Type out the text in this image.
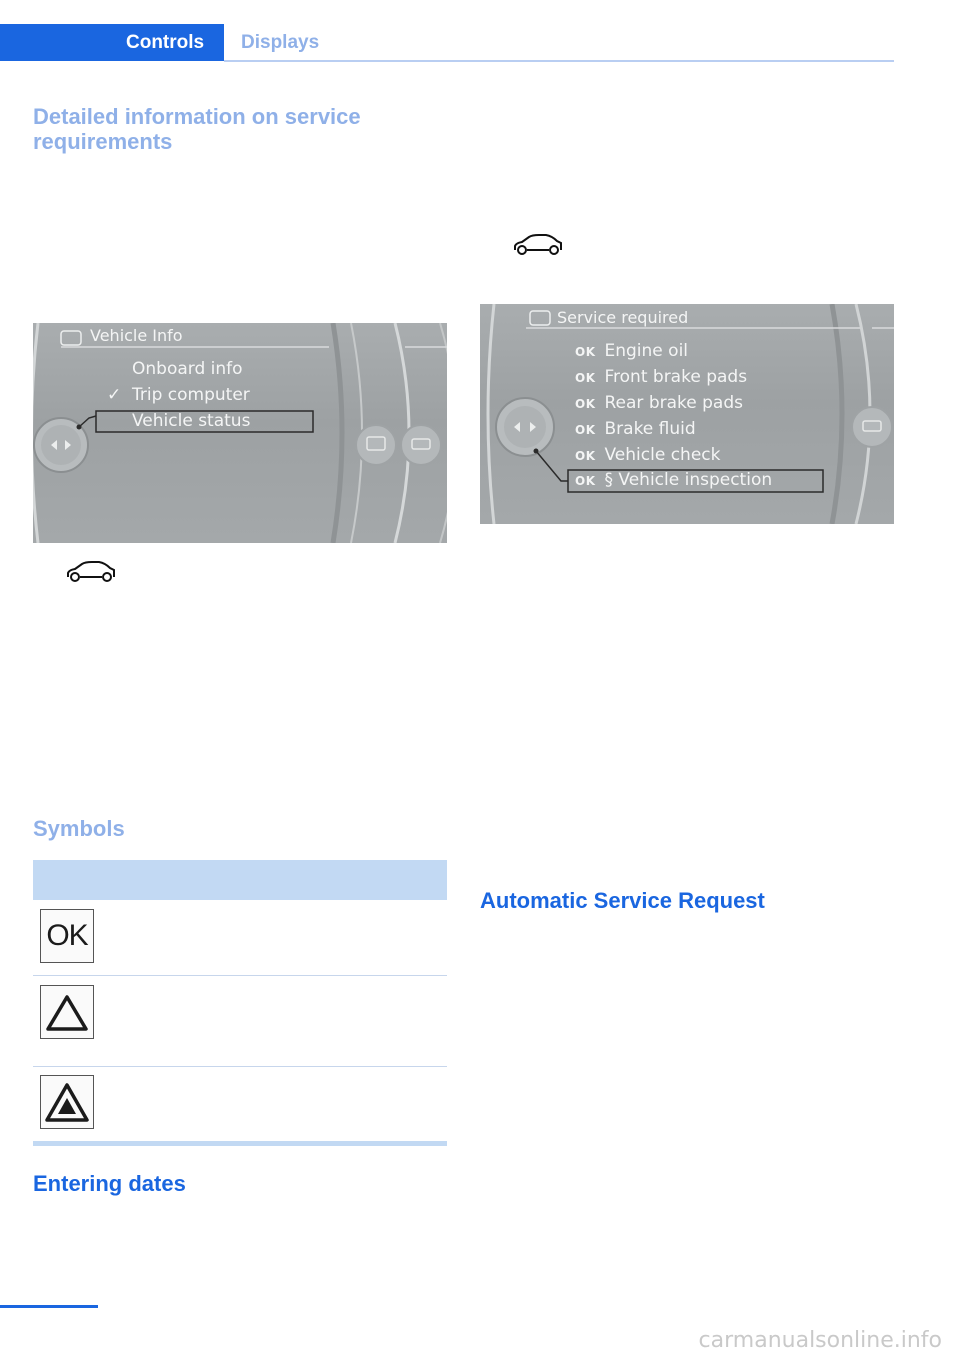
Controls	Displays
Detailed information on service requirements
Vehicle Info
Onboard info
✓ Trip computer
Vehicle status
Service required
OK Engine oil
OK Front brake pads
OK Rear brake pads
OK Brake fluid
OK Vehicle check
OK § Vehicle inspection
Symbols
OK
Entering dates
Automatic Service Request
carmanualsonline.info
